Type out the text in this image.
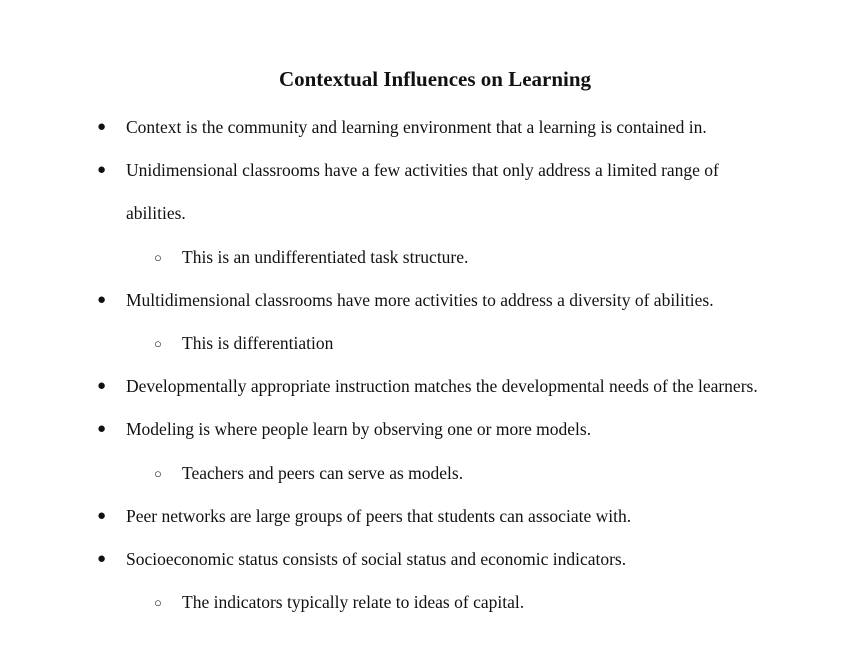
Contextual Influences on Learning
● Context is the community and learning environment that a learning is contained in.
● Unidimensional classrooms have a few activities that only address a limited range of abilities.
○ This is an undifferentiated task structure.
● Multidimensional classrooms have more activities to address a diversity of abilities.
○ This is differentiation
● Developmentally appropriate instruction matches the developmental needs of the learners.
● Modeling is where people learn by observing one or more models.
○ Teachers and peers can serve as models.
● Peer networks are large groups of peers that students can associate with.
● Socioeconomic status consists of social status and economic indicators.
○ The indicators typically relate to ideas of capital.
